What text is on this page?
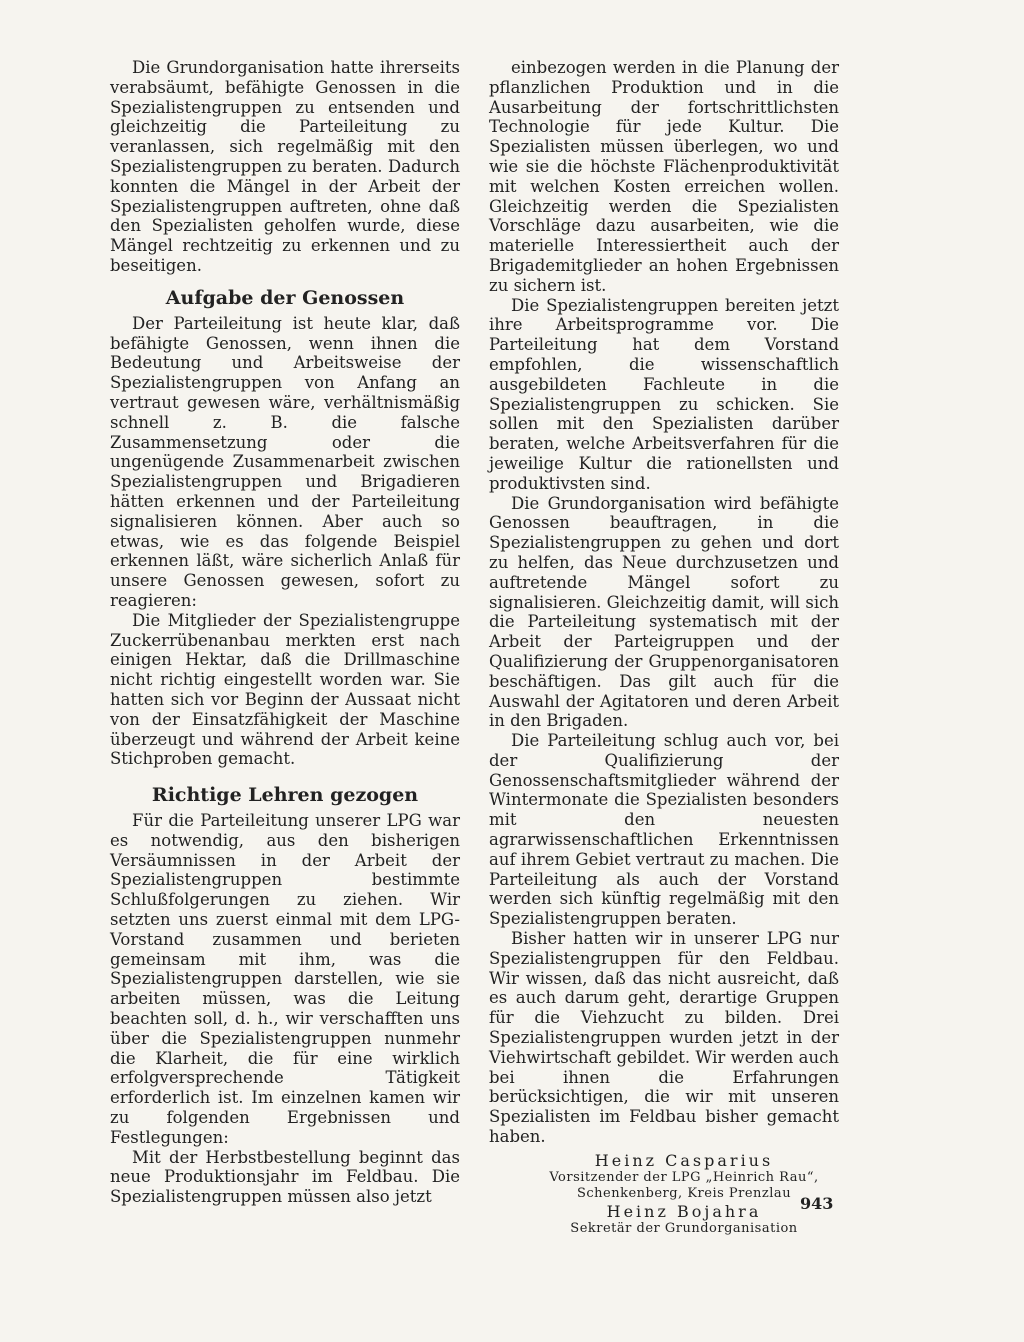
Die Grundorganisation hatte ihrerseits verabsäumt, befähigte Genossen in die Spezialistengruppen zu entsenden und gleichzeitig die Parteileitung zu veranlassen, sich regelmäßig mit den Spezialistengruppen zu beraten. Dadurch konnten die Mängel in der Arbeit der Spezialistengruppen auftreten, ohne daß den Spezialisten geholfen wurde, diese Mängel rechtzeitig zu erkennen und zu beseitigen.

Aufgabe der Genossen

Der Parteileitung ist heute klar, daß befähigte Genossen, wenn ihnen die Bedeutung und Arbeitsweise der Spezialistengruppen von Anfang an vertraut gewesen wäre, verhältnismäßig schnell z. B. die falsche Zusammensetzung oder die ungenügende Zusammenarbeit zwischen Spezialistengruppen und Brigadieren hätten erkennen und der Parteileitung signalisieren können. Aber auch so etwas, wie es das folgende Beispiel erkennen läßt, wäre sicherlich Anlaß für unsere Genossen gewesen, sofort zu reagieren:

Die Mitglieder der Spezialistengruppe Zuckerrübenanbau merkten erst nach einigen Hektar, daß die Drillmaschine nicht richtig eingestellt worden war. Sie hatten sich vor Beginn der Aussaat nicht von der Einsatzfähigkeit der Maschine überzeugt und während der Arbeit keine Stichproben gemacht.

Richtige Lehren gezogen

Für die Parteileitung unserer LPG war es notwendig, aus den bisherigen Versäumnissen in der Arbeit der Spezialistengruppen bestimmte Schlußfolgerungen zu ziehen. Wir setzten uns zuerst einmal mit dem LPG-Vorstand zusammen und berieten gemeinsam mit ihm, was die Spezialistengruppen darstellen, wie sie arbeiten müssen, was die Leitung beachten soll, d. h., wir verschafften uns über die Spezialistengruppen nunmehr die Klarheit, die für eine wirklich erfolgversprechende Tätigkeit erforderlich ist. Im einzelnen kamen wir zu folgenden Ergebnissen und Festlegungen:

Mit der Herbstbestellung beginnt das neue Produktionsjahr im Feldbau. Die Spezialistengruppen müssen also jetzt

einbezogen werden in die Planung der pflanzlichen Produktion und in die Ausarbeitung der fortschrittlichsten Technologie für jede Kultur. Die Spezialisten müssen überlegen, wo und wie sie die höchste Flächenproduktivität mit welchen Kosten erreichen wollen. Gleichzeitig werden die Spezialisten Vorschläge dazu ausarbeiten, wie die materielle Interessiertheit auch der Brigademitglieder an hohen Ergebnissen zu sichern ist.

Die Spezialistengruppen bereiten jetzt ihre Arbeitsprogramme vor. Die Parteileitung hat dem Vorstand empfohlen, die wissenschaftlich ausgebildeten Fachleute in die Spezialistengruppen zu schicken. Sie sollen mit den Spezialisten darüber beraten, welche Arbeitsverfahren für die jeweilige Kultur die rationellsten und produktivsten sind.

Die Grundorganisation wird befähigte Genossen beauftragen, in die Spezialistengruppen zu gehen und dort zu helfen, das Neue durchzusetzen und auftretende Mängel sofort zu signalisieren. Gleichzeitig damit, will sich die Parteileitung systematisch mit der Arbeit der Parteigruppen und der Qualifizierung der Gruppenorganisatoren beschäftigen. Das gilt auch für die Auswahl der Agitatoren und deren Arbeit in den Brigaden.

Die Parteileitung schlug auch vor, bei der Qualifizierung der Genossenschaftsmitglieder während der Wintermonate die Spezialisten besonders mit den neuesten agrarwissenschaftlichen Erkenntnissen auf ihrem Gebiet vertraut zu machen. Die Parteileitung als auch der Vorstand werden sich künftig regelmäßig mit den Spezialistengruppen beraten.

Bisher hatten wir in unserer LPG nur Spezialistengruppen für den Feldbau. Wir wissen, daß das nicht ausreicht, daß es auch darum geht, derartige Gruppen für die Viehzucht zu bilden. Drei Spezialistengruppen wurden jetzt in der Viehwirtschaft gebildet. Wir werden auch bei ihnen die Erfahrungen berücksichtigen, die wir mit unseren Spezialisten im Feldbau bisher gemacht haben.

Heinz Casparius
Vorsitzender der LPG „Heinrich Rau“,
Schenkenberg, Kreis Prenzlau
Heinz Bojahra
Sekretär der Grundorganisation
943
